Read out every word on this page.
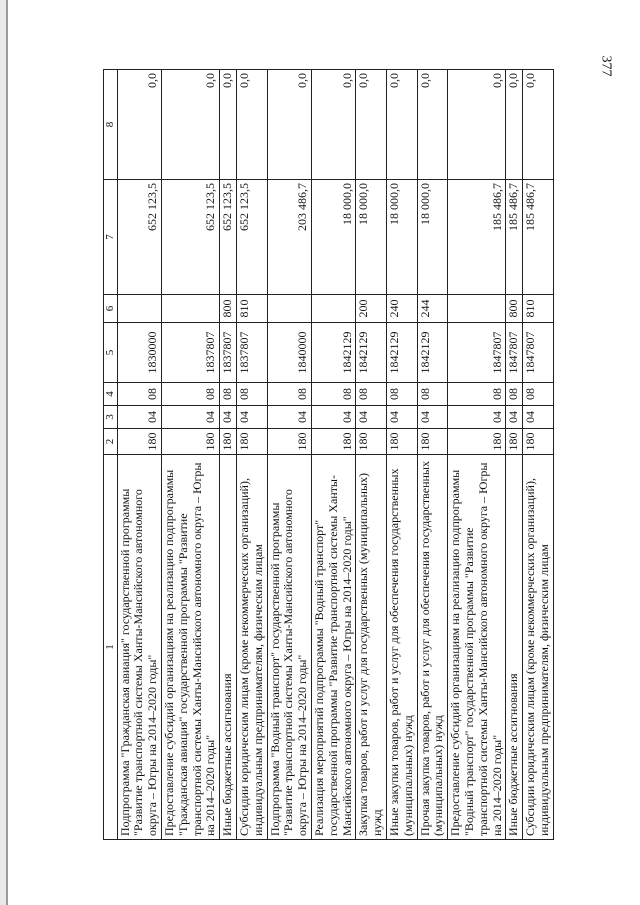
377
1	2	3	4	5	6	7	8
Подпрограмма "Гражданская авиация" государственной программы "Развитие транспортной системы Ханты-Мансийского автономного округа – Югры на 2014–2020 годы"	180	04	08	1830000		652 123,5	0,0
Предоставление субсидий организациям на реализацию подпрограммы "Гражданская авиация" государственной программы "Развитие транспортной системы Ханты-Мансийского автономного округа – Югры на 2014–2020 годы"	180	04	08	1837807		652 123,5	0,0
Иные бюджетные ассигнования	180	04	08	1837807	800	652 123,5	0,0
Субсидии юридическим лицам (кроме некоммерческих организаций), индивидуальным предпринимателям, физическим лицам	180	04	08	1837807	810	652 123,5	0,0
Подпрограмма "Водный транспорт" государственной программы "Развитие транспортной системы Ханты-Мансийского автономного округа – Югры на 2014–2020 годы"	180	04	08	1840000		203 486,7	0,0
Реализация мероприятий подпрограммы "Водный транспорт" государственной программы "Развитие транспортной системы Ханты-Мансийского автономного округа – Югры на 2014–2020 годы"	180	04	08	1842129		18 000,0	0,0
Закупка товаров, работ и услуг для государственных (муниципальных) нужд	180	04	08	1842129	200	18 000,0	0,0
Иные закупки товаров, работ и услуг для обеспечения государственных (муниципальных) нужд	180	04	08	1842129	240	18 000,0	0,0
Прочая закупка товаров, работ и услуг для обеспечения государственных (муниципальных) нужд	180	04	08	1842129	244	18 000,0	0,0
Предоставление субсидий организациям на реализацию подпрограммы "Водный транспорт" государственной программы "Развитие транспортной системы Ханты-Мансийского автономного округа – Югры на 2014–2020 годы"	180	04	08	1847807		185 486,7	0,0
Иные бюджетные ассигнования	180	04	08	1847807	800	185 486,7	0,0
Субсидии юридическим лицам (кроме некоммерческих организаций), индивидуальным предпринимателям, физическим лицам	180	04	08	1847807	810	185 486,7	0,0
